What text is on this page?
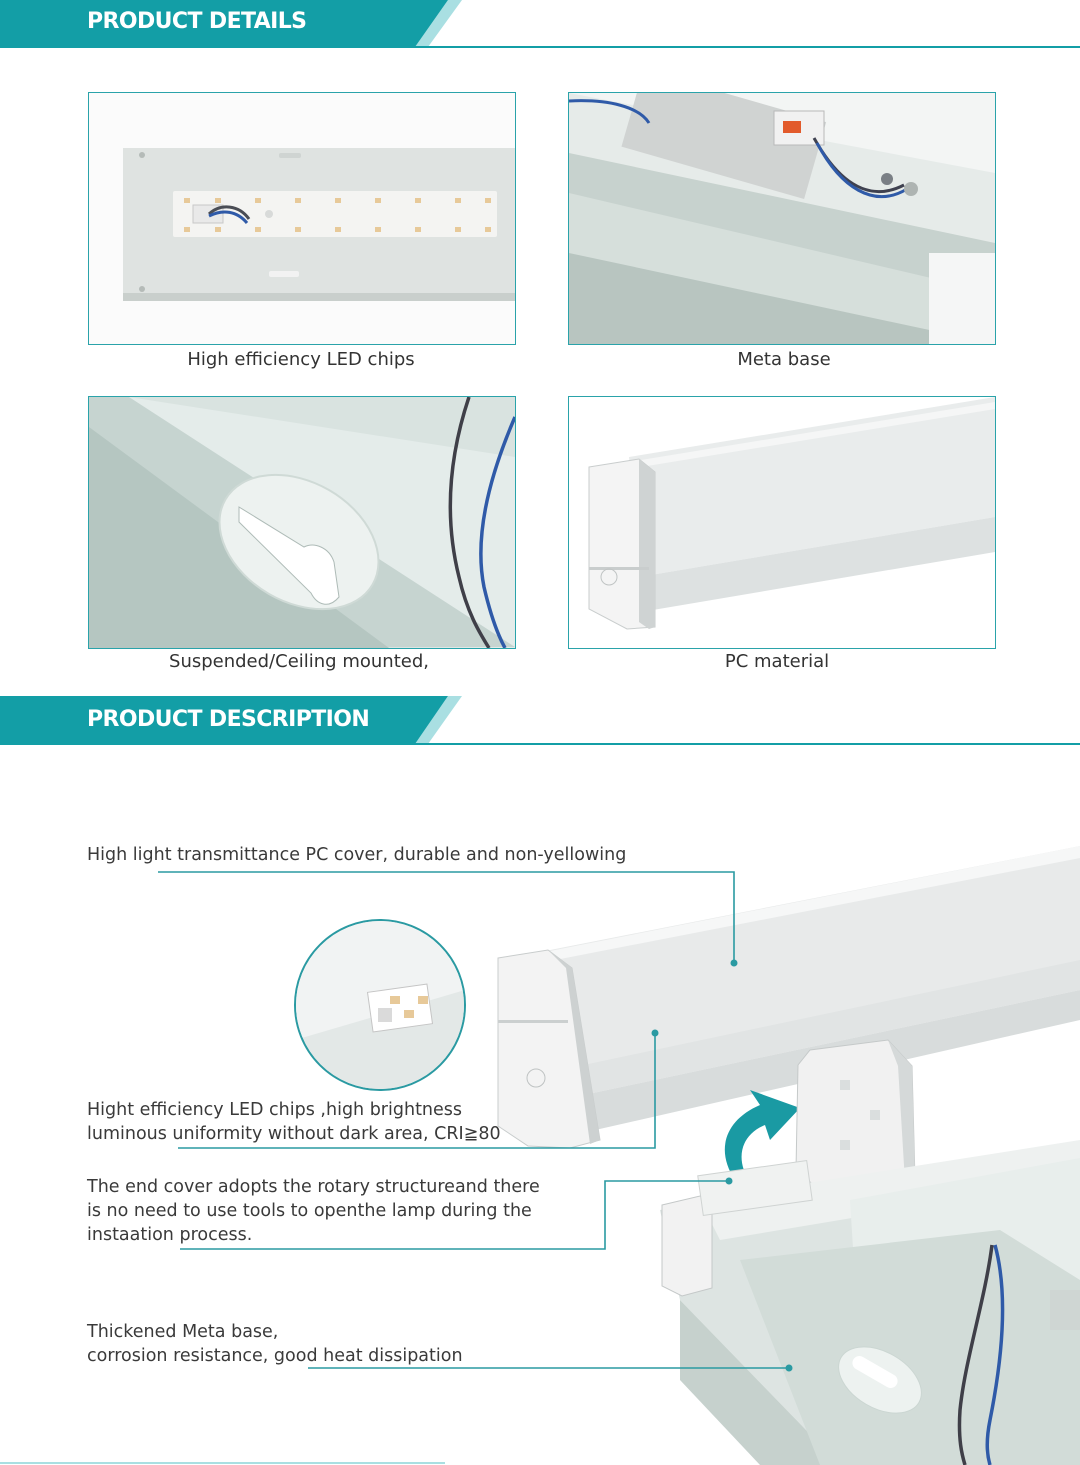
PRODUCT DETAILS
High efficiency LED chips	Meta base
Suspended/Ceiling mounted,	PC material
PRODUCT DESCRIPTION
High light transmittance PC cover, durable and non-yellowing
Hight efficiency LED chips ,high brightness
luminous uniformity without dark area, CRI≧80
The end cover adopts the rotary structureand there
is no need to use tools to openthe lamp during the
instaation process.
Thickened Meta base,
corrosion resistance, good heat dissipation
